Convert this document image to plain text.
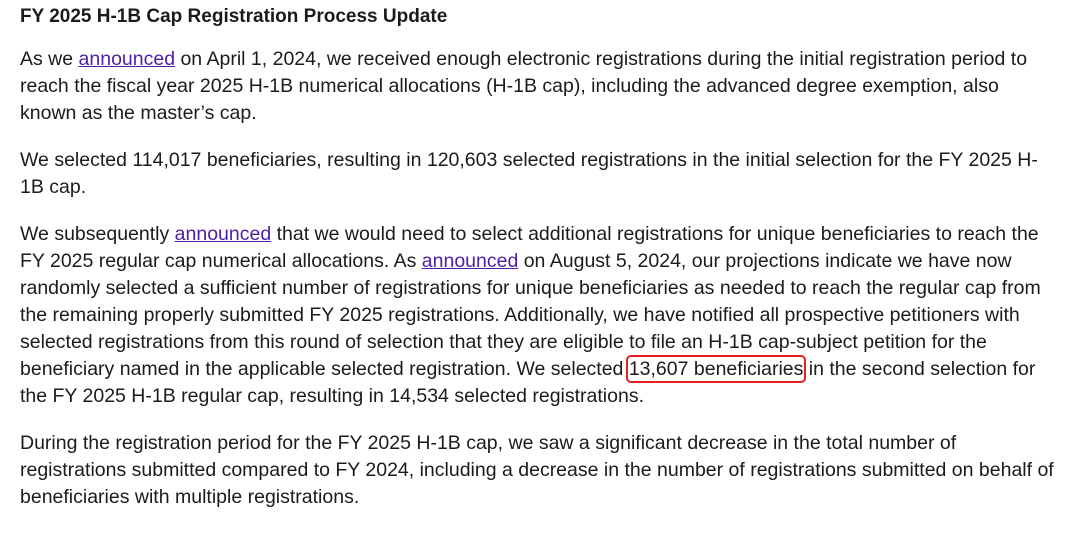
FY 2025 H-1B Cap Registration Process Update

As we announced on April 1, 2024, we received enough electronic registrations during the initial registration period to reach the fiscal year 2025 H-1B numerical allocations (H-1B cap), including the advanced degree exemption, also known as the master’s cap.

We selected 114,017 beneficiaries, resulting in 120,603 selected registrations in the initial selection for the FY 2025 H-1B cap.

We subsequently announced that we would need to select additional registrations for unique beneficiaries to reach the FY 2025 regular cap numerical allocations. As announced on August 5, 2024, our projections indicate we have now randomly selected a sufficient number of registrations for unique beneficiaries as needed to reach the regular cap from the remaining properly submitted FY 2025 registrations. Additionally, we have notified all prospective petitioners with selected registrations from this round of selection that they are eligible to file an H-1B cap-subject petition for the beneficiary named in the applicable selected registration. We selected 13,607 beneficiaries in the second selection for the FY 2025 H-1B regular cap, resulting in 14,534 selected registrations.

During the registration period for the FY 2025 H-1B cap, we saw a significant decrease in the total number of registrations submitted compared to FY 2024, including a decrease in the number of registrations submitted on behalf of beneficiaries with multiple registrations.
